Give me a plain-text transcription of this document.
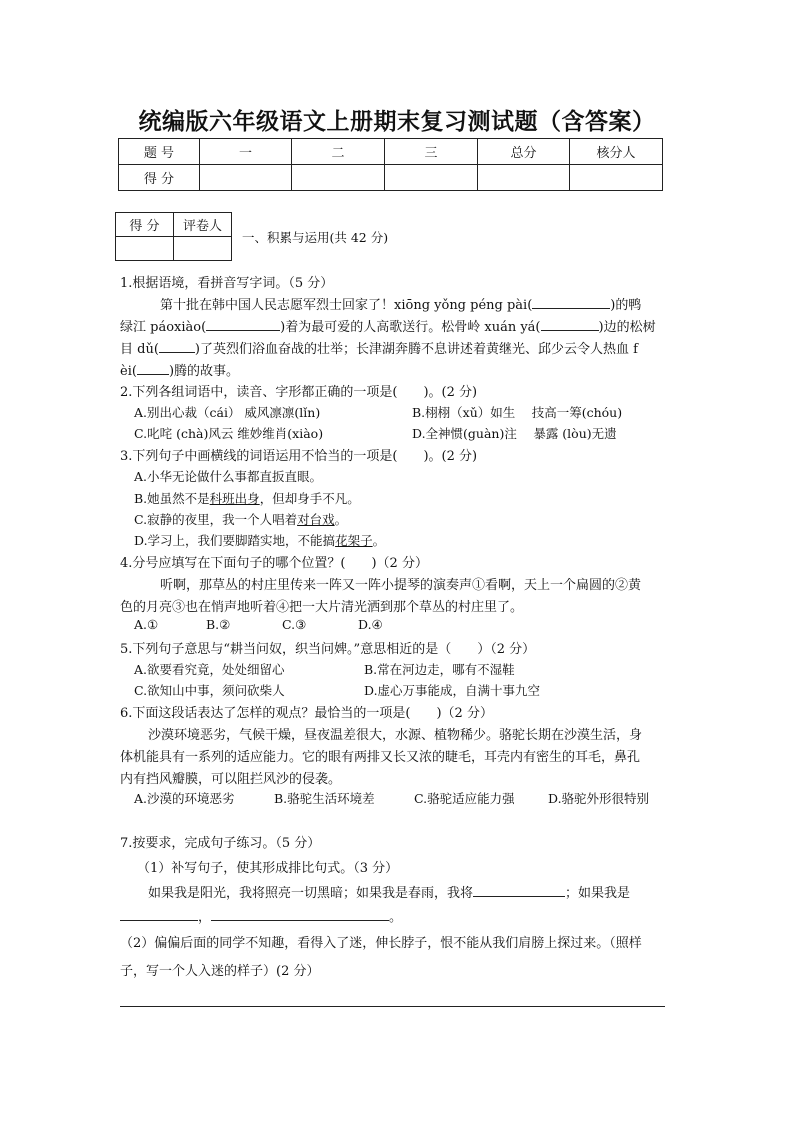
统编版六年级语文上册期末复习测试题（含答案）
题 号	一	二	三	总分	核分人
得 分					
得 分	评卷人

一、积累与运用(共 42 分)
1.根据语境，看拼音写字词。（5 分）
第十批在韩中国人民志愿军烈士回家了！xiōng yǒng péng pài(	)的鸭
绿江 páoxiào(	)着为最可爱的人高歌送行。松骨岭 xuán yá(	)边的松树
目 dǔ(	)了英烈们浴血奋战的壮举；长津湖奔腾不息讲述着黄继光、邱少云令人热血 f
èi( )腾的故事。
2.下列各组词语中，读音、字形都正确的一项是(　　)。(2 分)
A.别出心裁（cái） 威风凛凛(lǐn)	B.栩栩（xǔ）如生　 技高一筹(chóu)
C.叱咤 (chà)风云 维妙维肖(xiào)	D.全神惯(guàn)注　 暴露 (lòu)无遗
3.下列句子中画横线的词语运用不恰当的一项是(　　)。(2 分)
A.小华无论做什么事都直扳直眼。
B.她虽然不是科班出身，但却身手不凡。
C.寂静的夜里，我一个人唱着对台戏。
D.学习上，我们要脚踏实地，不能搞花架子。
4.分号应填写在下面句子的哪个位置？(　　)（2 分）
听啊，那草丛的村庄里传来一阵又一阵小提琴的演奏声①看啊，天上一个扁圆的②黄
色的月亮③也在悄声地听着④把一大片清光洒到那个草丛的村庄里了。
A.①	B.②	C.③	D.④
5.下列句子意思与“耕当问奴，织当问婢。”意思相近的是（　　）（2 分）
A.欲要看究竟，处处细留心	B.常在河边走，哪有不湿鞋
C.欲知山中事，须问砍柴人	D.虚心万事能成，自满十事九空
6.下面这段话表达了怎样的观点？最恰当的一项是(　　)（2 分）
沙漠环境恶劣，气候干燥，昼夜温差很大，水源、植物稀少。骆驼长期在沙漠生活，身
体机能具有一系列的适应能力。它的眼有两排又长又浓的睫毛，耳壳内有密生的耳毛，鼻孔
内有挡风瓣膜，可以阻拦风沙的侵袭。
A.沙漠的环境恶劣	B.骆驼生活环境差	C.骆驼适应能力强	D.骆驼外形很特别
7.按要求，完成句子练习。（5 分）
（1）补写句子，使其形成排比句式。（3 分）
如果我是阳光，我将照亮一切黑暗；如果我是春雨，我将	；如果我是
，	。
（2）偏偏后面的同学不知趣，看得入了迷，伸长脖子，恨不能从我们肩膀上探过来。（照样
子，写一个人入迷的样子）(2 分）
